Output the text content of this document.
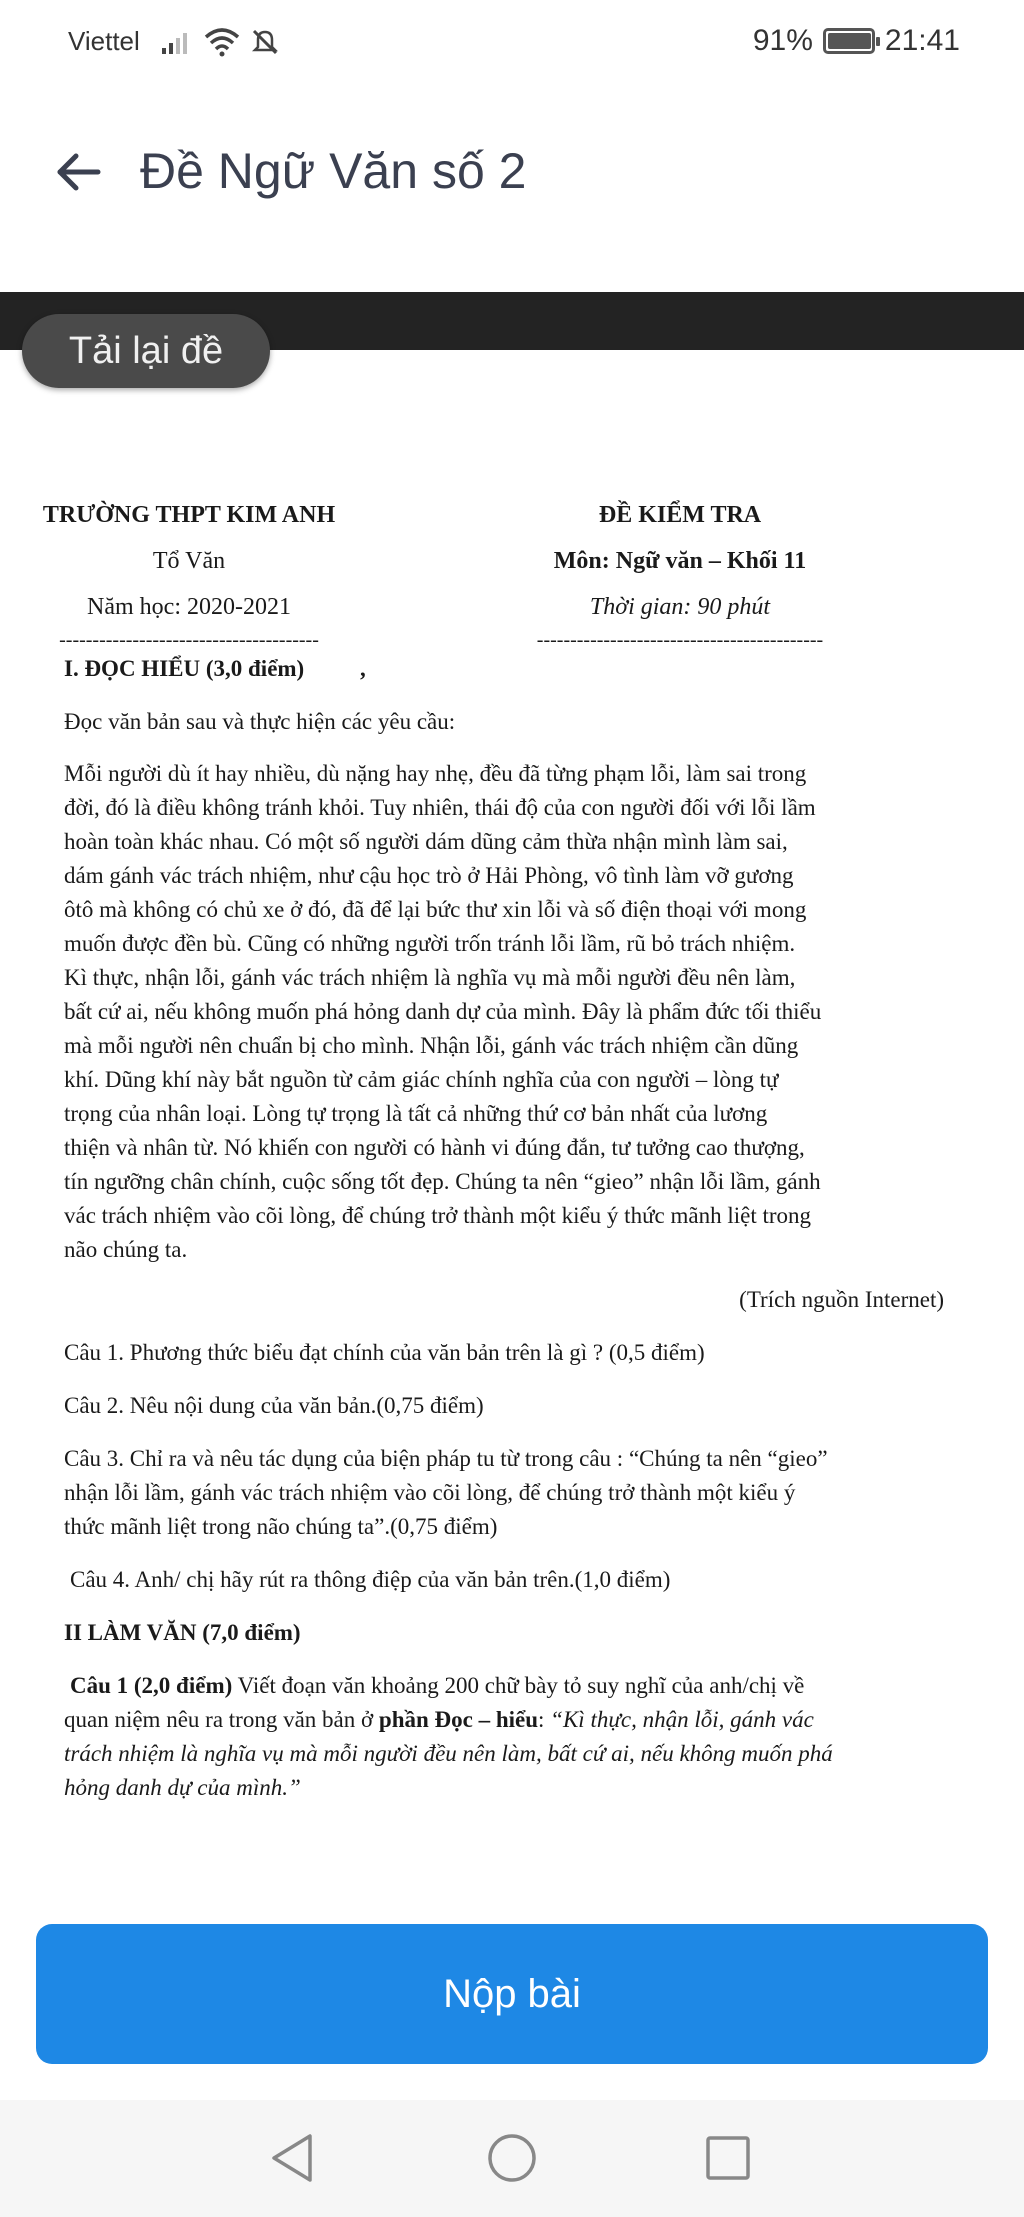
Viettel	91% 21:41
Đề Ngữ Văn số 2
Tải lại đề
TRƯỜNG THPT KIM ANH
Tổ Văn
Năm học: 2020-2021
---------------------------------------
ĐỀ KIỂM TRA
Môn: Ngữ văn – Khối 11
Thời gian: 90 phút
-------------------------------------------
I. ĐỌC HIỂU (3,0 điểm) ,
Đọc văn bản sau và thực hiện các yêu cầu:
Mỗi người dù ít hay nhiều, dù nặng hay nhẹ, đều đã từng phạm lỗi, làm sai trong
đời, đó là điều không tránh khỏi. Tuy nhiên, thái độ của con người đối với lỗi lầm
hoàn toàn khác nhau. Có một số người dám dũng cảm thừa nhận mình làm sai,
dám gánh vác trách nhiệm, như cậu học trò ở Hải Phòng, vô tình làm vỡ gương
ôtô mà không có chủ xe ở đó, đã để lại bức thư xin lỗi và số điện thoại với mong
muốn được đền bù. Cũng có những người trốn tránh lỗi lầm, rũ bỏ trách nhiệm.
Kì thực, nhận lỗi, gánh vác trách nhiệm là nghĩa vụ mà mỗi người đều nên làm,
bất cứ ai, nếu không muốn phá hỏng danh dự của mình. Đây là phẩm đức tối thiểu
mà mỗi người nên chuẩn bị cho mình. Nhận lỗi, gánh vác trách nhiệm cần dũng
khí. Dũng khí này bắt nguồn từ cảm giác chính nghĩa của con người – lòng tự
trọng của nhân loại. Lòng tự trọng là tất cả những thứ cơ bản nhất của lương
thiện và nhân từ. Nó khiến con người có hành vi đúng đắn, tư tưởng cao thượng,
tín ngưỡng chân chính, cuộc sống tốt đẹp. Chúng ta nên “gieo” nhận lỗi lầm, gánh
vác trách nhiệm vào cõi lòng, để chúng trở thành một kiểu ý thức mãnh liệt trong
não chúng ta.
(Trích nguồn Internet)
Câu 1. Phương thức biểu đạt chính của văn bản trên là gì ? (0,5 điểm)
Câu 2. Nêu nội dung của văn bản.(0,75 điểm)
Câu 3. Chỉ ra và nêu tác dụng của biện pháp tu từ trong câu : “Chúng ta nên “gieo”
nhận lỗi lầm, gánh vác trách nhiệm vào cõi lòng, để chúng trở thành một kiểu ý
thức mãnh liệt trong não chúng ta”.(0,75 điểm)
Câu 4. Anh/ chị hãy rút ra thông điệp của văn bản trên.(1,0 điểm)
II LÀM VĂN (7,0 điểm)
Câu 1 (2,0 điểm) Viết đoạn văn khoảng 200 chữ bày tỏ suy nghĩ của anh/chị về
quan niệm nêu ra trong văn bản ở phần Đọc – hiểu: “Kì thực, nhận lỗi, gánh vác
trách nhiệm là nghĩa vụ mà mỗi người đều nên làm, bất cứ ai, nếu không muốn phá
hỏng danh dự của mình.”
Nộp bài
